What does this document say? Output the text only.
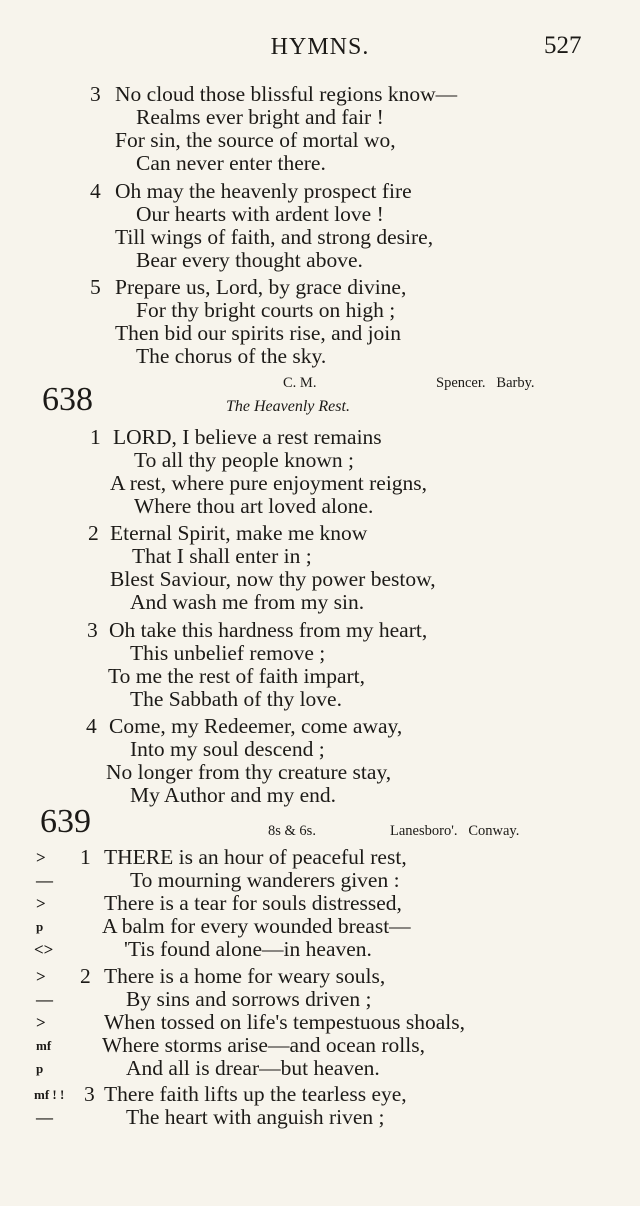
HYMNS.	527
3 No cloud those blissful regions know—
Realms ever bright and fair !
For sin, the source of mortal wo,
Can never enter there.
4 Oh may the heavenly prospect fire
Our hearts with ardent love !
Till wings of faith, and strong desire,
Bear every thought above.
5 Prepare us, Lord, by grace divine,
For thy bright courts on high ;
Then bid our spirits rise, and join
The chorus of the sky.
638	C. M.	Spencer.   Barby.
The Heavenly Rest.
1 LORD, I believe a rest remains
To all thy people known ;
A rest, where pure enjoyment reigns,
Where thou art loved alone.
2 Eternal Spirit, make me know
That I shall enter in ;
Blest Saviour, now thy power bestow,
And wash me from my sin.
3 Oh take this hardness from my heart,
This unbelief remove ;
To me the rest of faith impart,
The Sabbath of thy love.
4 Come, my Redeemer, come away,
Into my soul descend ;
No longer from thy creature stay,
My Author and my end.
639	8s & 6s.	Lanesboro'.   Conway.
>
—
>
p
<>
1 THERE is an hour of peaceful rest,
To mourning wanderers given :
There is a tear for souls distressed,
A balm for every wounded breast—
'Tis found alone—in heaven.
>
—
>
mf
p
2 There is a home for weary souls,
By sins and sorrows driven ;
When tossed on life's tempestuous shoals,
Where storms arise—and ocean rolls,
And all is drear—but heaven.
mf ! !
—
3 There faith lifts up the tearless eye,
The heart with anguish riven ;
